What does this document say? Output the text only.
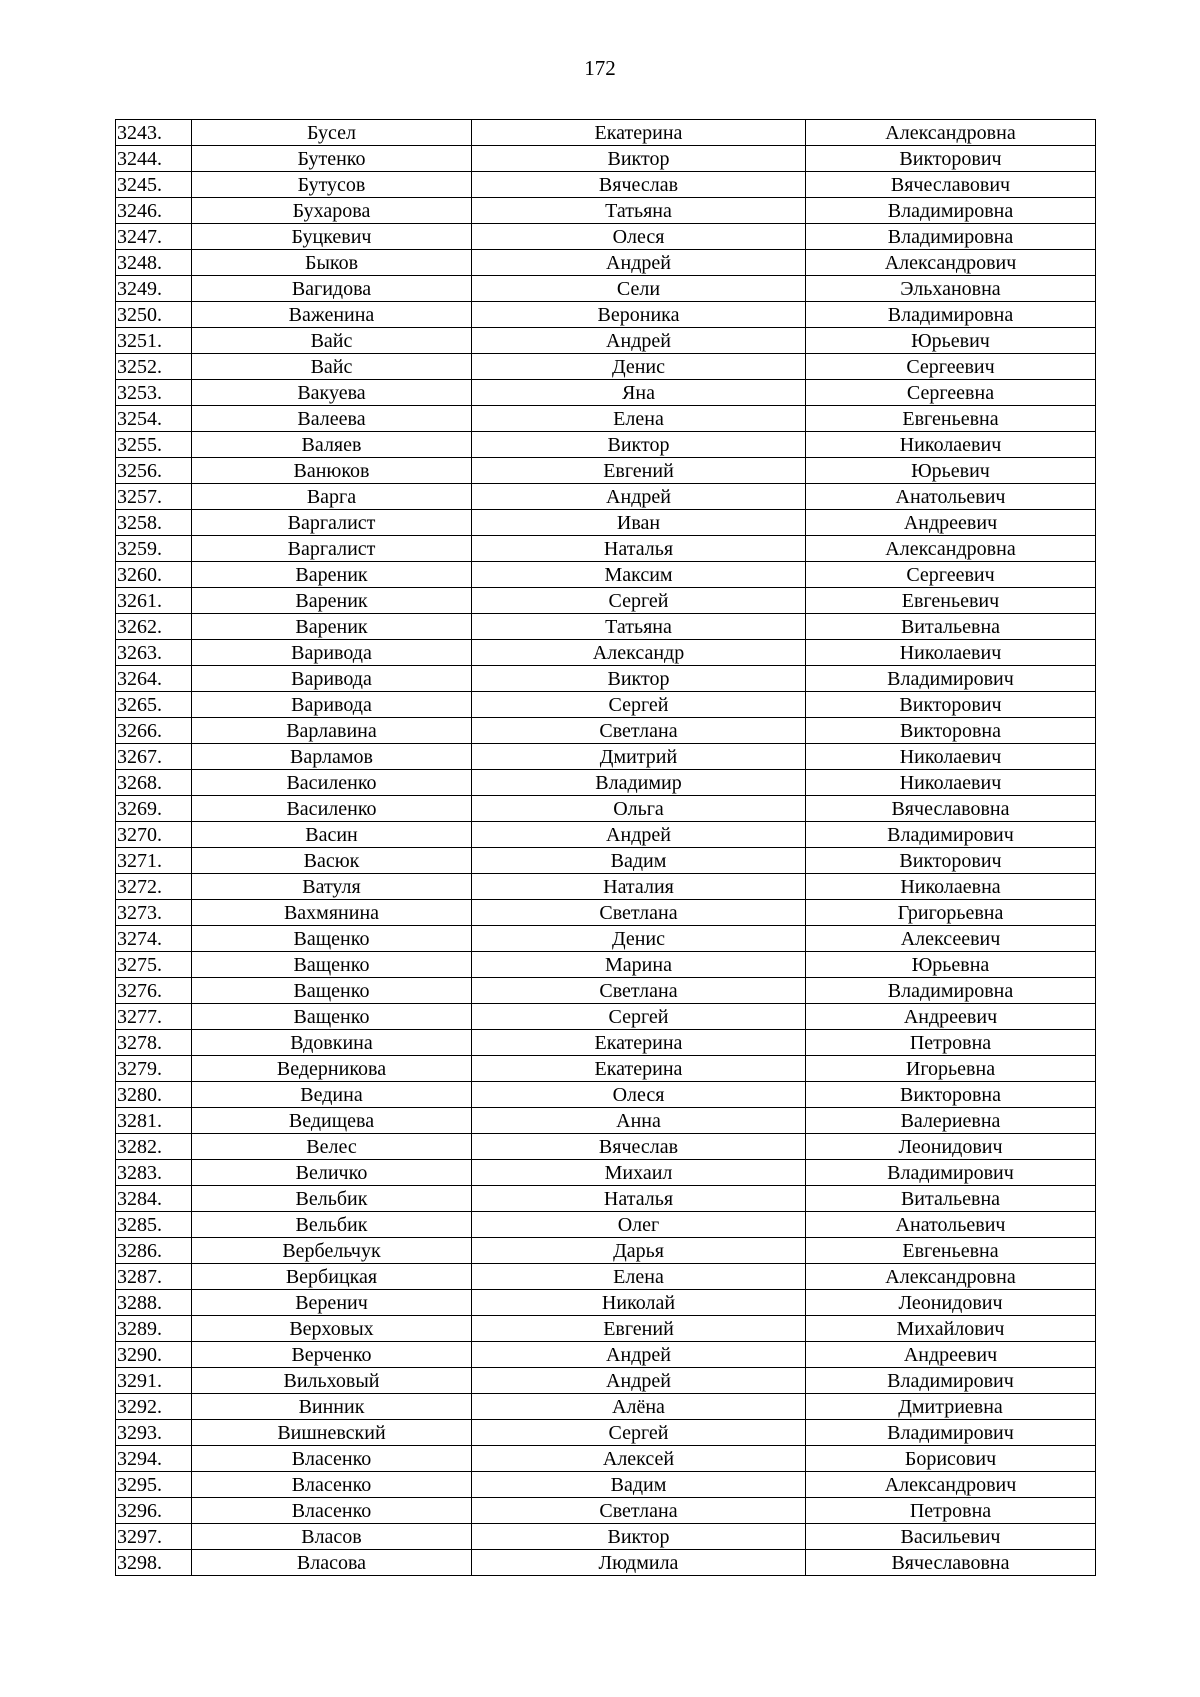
172
3243.	Бусел	Екатерина	Александровна
3244.	Бутенко	Виктор	Викторович
3245.	Бутусов	Вячеслав	Вячеславович
3246.	Бухарова	Татьяна	Владимировна
3247.	Буцкевич	Олеся	Владимировна
3248.	Быков	Андрей	Александрович
3249.	Вагидова	Сели	Эльхановна
3250.	Важенина	Вероника	Владимировна
3251.	Вайс	Андрей	Юрьевич
3252.	Вайс	Денис	Сергеевич
3253.	Вакуева	Яна	Сергеевна
3254.	Валеева	Елена	Евгеньевна
3255.	Валяев	Виктор	Николаевич
3256.	Ванюков	Евгений	Юрьевич
3257.	Варга	Андрей	Анатольевич
3258.	Варгалист	Иван	Андреевич
3259.	Варгалист	Наталья	Александровна
3260.	Вареник	Максим	Сергеевич
3261.	Вареник	Сергей	Евгеньевич
3262.	Вареник	Татьяна	Витальевна
3263.	Варивода	Александр	Николаевич
3264.	Варивода	Виктор	Владимирович
3265.	Варивода	Сергей	Викторович
3266.	Варлавина	Светлана	Викторовна
3267.	Варламов	Дмитрий	Николаевич
3268.	Василенко	Владимир	Николаевич
3269.	Василенко	Ольга	Вячеславовна
3270.	Васин	Андрей	Владимирович
3271.	Васюк	Вадим	Викторович
3272.	Ватуля	Наталия	Николаевна
3273.	Вахмянина	Светлана	Григорьевна
3274.	Ващенко	Денис	Алексеевич
3275.	Ващенко	Марина	Юрьевна
3276.	Ващенко	Светлана	Владимировна
3277.	Ващенко	Сергей	Андреевич
3278.	Вдовкина	Екатерина	Петровна
3279.	Ведерникова	Екатерина	Игорьевна
3280.	Ведина	Олеся	Викторовна
3281.	Ведищева	Анна	Валериевна
3282.	Велес	Вячеслав	Леонидович
3283.	Величко	Михаил	Владимирович
3284.	Вельбик	Наталья	Витальевна
3285.	Вельбик	Олег	Анатольевич
3286.	Вербельчук	Дарья	Евгеньевна
3287.	Вербицкая	Елена	Александровна
3288.	Веренич	Николай	Леонидович
3289.	Верховых	Евгений	Михайлович
3290.	Верченко	Андрей	Андреевич
3291.	Вильховый	Андрей	Владимирович
3292.	Винник	Алёна	Дмитриевна
3293.	Вишневский	Сергей	Владимирович
3294.	Власенко	Алексей	Борисович
3295.	Власенко	Вадим	Александрович
3296.	Власенко	Светлана	Петровна
3297.	Власов	Виктор	Васильевич
3298.	Власова	Людмила	Вячеславовна
